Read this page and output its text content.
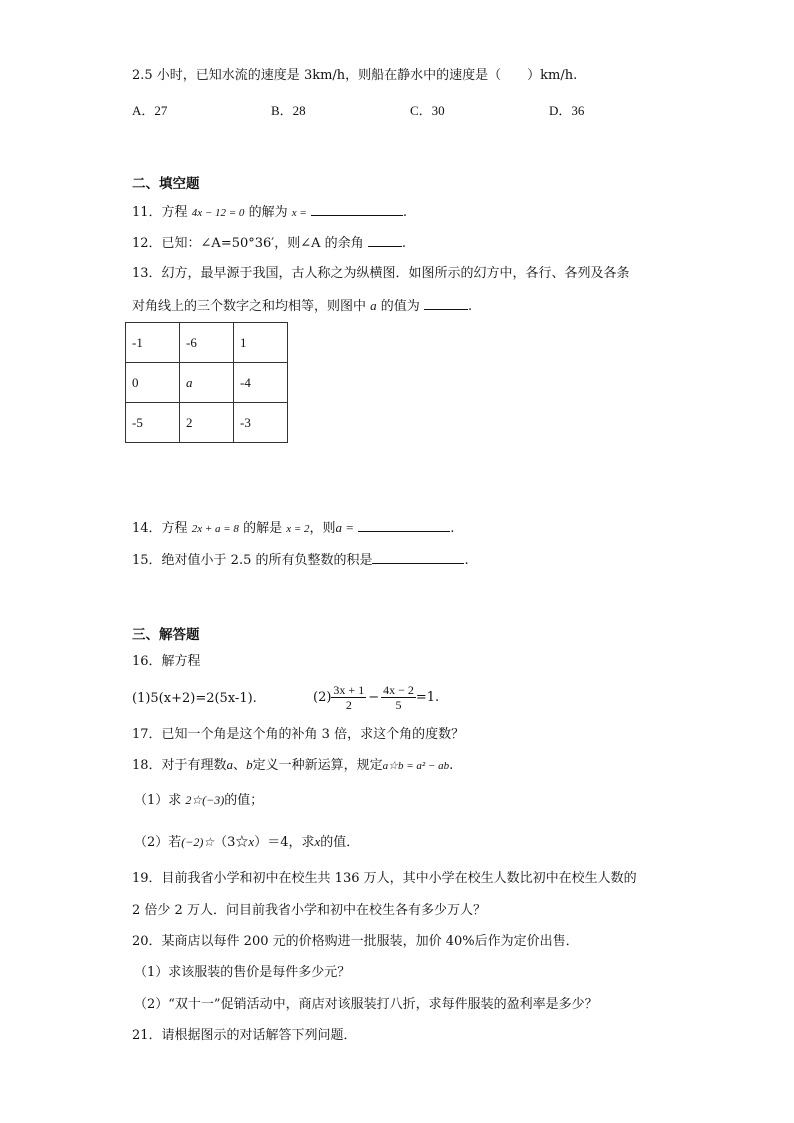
2.5 小时，已知水流的速度是 3km/h，则船在静水中的速度是（　　）km/h.
A．27	B．28	C．30	D．36
二、填空题
11．方程 4x − 12 = 0 的解为 x =	.
12．已知：∠A=50°36′，则∠A 的余角	.
13．幻方，最早源于我国，古人称之为纵横图．如图所示的幻方中，各行、各列及各条
对角线上的三个数字之和均相等，则图中 a 的值为	.
-1	-6	1
0	a	-4
-5	2	-3
14．方程 2x + a = 8 的解是 x = 2，则a =	.
15．绝对值小于 2.5 的所有负整数的积是	.
三、解答题
16．解方程
(1)5(x+2)=2(5x-1).	$(2) \frac{3x + 1}{2} - \frac{4x - 2}{5} =1$.
17．已知一个角是这个角的补角 3 倍，求这个角的度数？
18．对于有理数a、b定义一种新运算，规定a☆b = a² − ab.
（1）求 2☆(−3)的值；
（2）若(−2)☆（3☆x）＝4，求x的值．
19．目前我省小学和初中在校生共 136 万人，其中小学在校生人数比初中在校生人数的
2 倍少 2 万人．问目前我省小学和初中在校生各有多少万人？
20．某商店以每件 200 元的价格购进一批服装，加价 40%后作为定价出售．
（1）求该服装的售价是每件多少元？
（2）“双十一”促销活动中，商店对该服装打八折，求每件服装的盈利率是多少？
21．请根据图示的对话解答下列问题．
